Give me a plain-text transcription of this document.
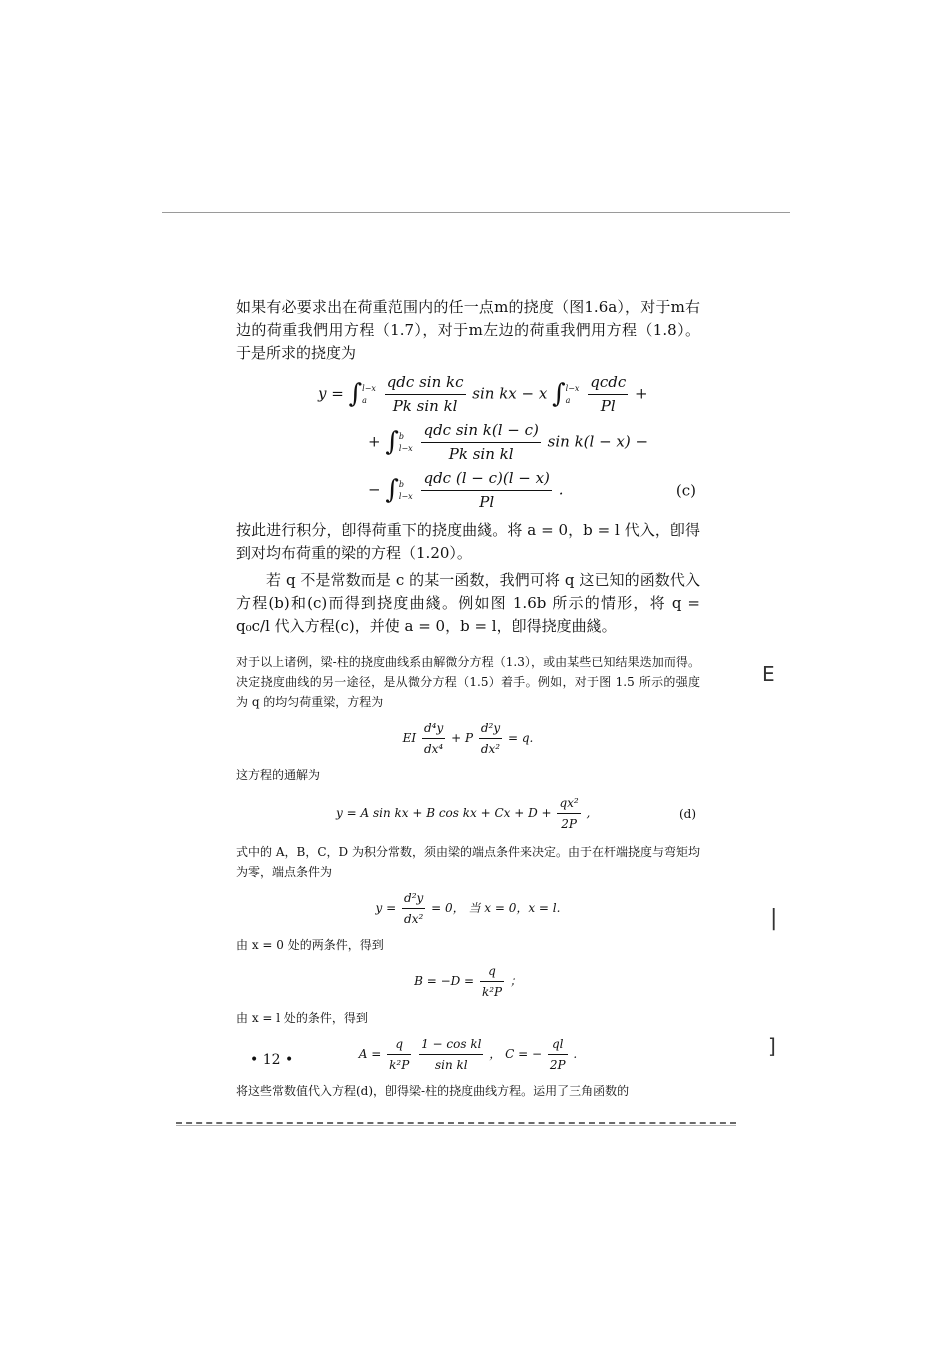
如果有必要求出在荷重范围内的任一点m的挠度（图1.6a），对于m右边的荷重我們用方程（1.7），对于m左边的荷重我們用方程（1.8）。于是所求的挠度为

y = ∫ l−x
a
	$\frac{\text{qdc sin kc}}{\text{Pk sin kl}}$ sin kx − x ∫ l−x
a
	$\frac{\text{qcdc}}{Pl}$ +
+ ∫ b
l−x
$\frac{\text{qdc sin k(l − c)}}{\text{Pk sin kl}}$ sin k(l − x) −
− ∫ b
l−x
$\frac{\text{qdc (l − c)(l − x)}}{Pl}$ .	(c)

按此进行积分，卽得荷重下的挠度曲綫。将 a = 0，b = l 代入，卽得到对均布荷重的梁的方程（1.20）。

若 q 不是常数而是 c 的某一函数，我們可将 q 这已知的函数代入方程(b)和(c)而得到挠度曲綫。例如图 1.6b 所示的情形，将 q = q₀c/l 代入方程(c)，并使 a = 0，b = l，卽得挠度曲綫。

对于以上诸例，梁-柱的挠度曲线系由解微分方程（1.3），或由某些已知结果迭加而得。决定挠度曲线的另一途径，是从微分方程（1.5）着手。例如，对于图 1.5 所示的强度为 q 的均匀荷重梁，方程为

EI $\frac{\text{d⁴y}}{\text{dx⁴}} + P \frac{\text{d²y}}{\text{dx²}} = q$.

这方程的通解为

y = A sin kx + B cos kx + $Cx + D + \frac{\text{qx²}}{2P}$ ,	(d)

式中的 A，B，C，D 为积分常数，须由梁的端点条件来决定。由于在杆端挠度与弯矩均为零，端点条件为

$y = \frac{\text{d²y}}{\text{dx²}} = 0$， 当 x = 0，x = l.

由 x = 0 处的两条件，得到

$B = -D = \frac{q}{\text{k²P}}$ ；

由 x = l 处的条件，得到

$A = \frac{q}{\text{k²P}}$
$\frac{\text{1 − cos kl}}{\text{sin kl}}$ ， C = − $\frac{ql}{2P}$ .

将这些常数值代入方程(d)，卽得梁-柱的挠度曲线方程。运用了三角函数的

• 12 •
E
|
]
